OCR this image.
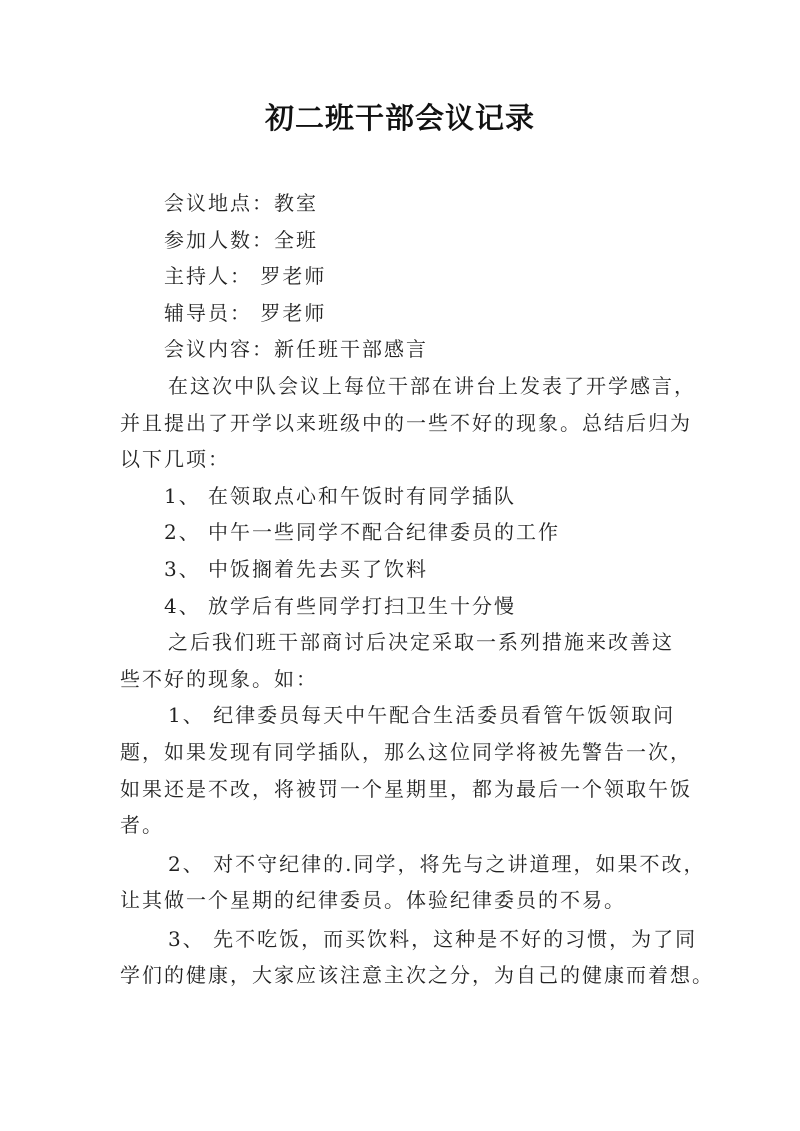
初二班干部会议记录
会议地点：教室
参加人数：全班
主持人： 罗老师
辅导员： 罗老师
会议内容：新任班干部感言
在这次中队会议上每位干部在讲台上发表了开学感言，
并且提出了开学以来班级中的一些不好的现象。总结后归为
以下几项：
1、 在领取点心和午饭时有同学插队
2、 中午一些同学不配合纪律委员的工作
3、 中饭搁着先去买了饮料
4、 放学后有些同学打扫卫生十分慢
之后我们班干部商讨后决定采取一系列措施来改善这
些不好的现象。如：
1、 纪律委员每天中午配合生活委员看管午饭领取问
题，如果发现有同学插队，那么这位同学将被先警告一次，
如果还是不改，将被罚一个星期里，都为最后一个领取午饭
者。
2、 对不守纪律的.同学，将先与之讲道理，如果不改，
让其做一个星期的纪律委员。体验纪律委员的不易。
3、 先不吃饭，而买饮料，这种是不好的习惯，为了同
学们的健康，大家应该注意主次之分，为自己的健康而着想。
